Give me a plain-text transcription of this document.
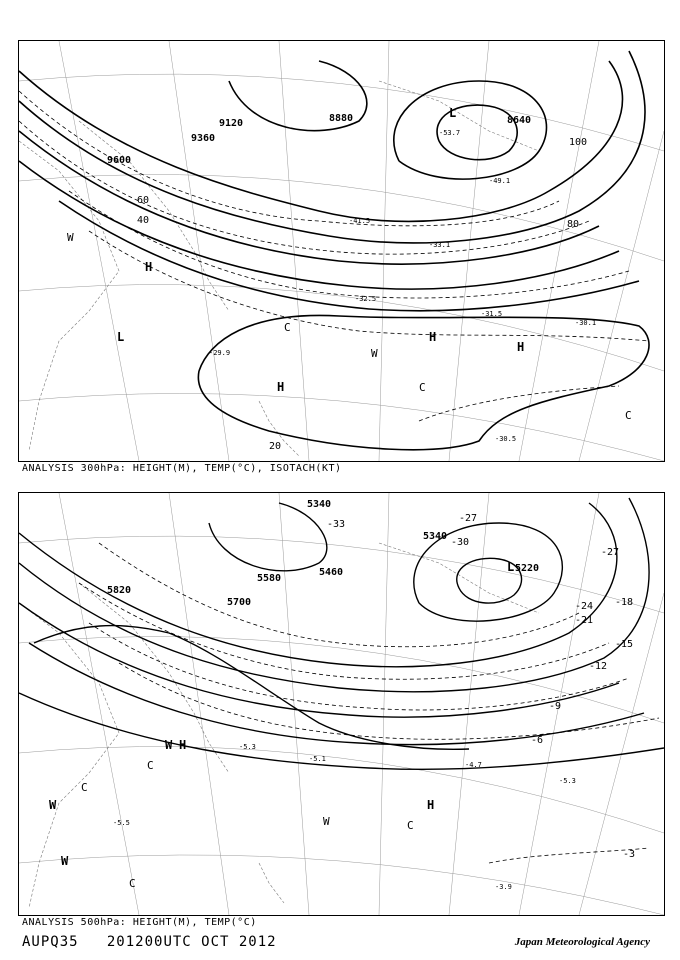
9600
9360
9120	8880	8640
40
60
80
100
20
L
H
L
H
H
H
C
W
W
C
C
-53.7
-49.1
-41.5
-33.1
-31.5
-30.1
-29.9
-30.5
-32.5
ANALYSIS 300hPa: HEIGHT(M), TEMP(°C), ISOTACH(KT)
5820
5700
5580
5460
5340
5340
5220
-33
-30
-27
-27
-24
-21
-18
-15
-12
-9
-6
-3
L
H
H
W
W
W
C
C
C
W	C
-5.3
-4.7
-5.3
-3.9
-5.5
-5.1
ANALYSIS 500hPa: HEIGHT(M), TEMP(°C)
AUPQ35 201200UTC OCT 2012	Japan Meteorological Agency
